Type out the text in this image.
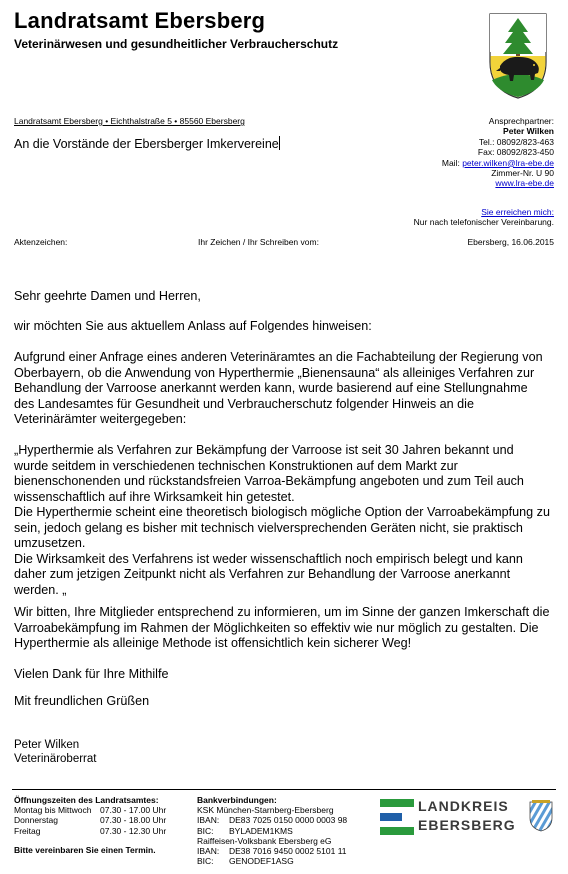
Landratsamt Ebersberg
Veterinärwesen und gesundheitlicher Verbraucherschutz
Landratsamt Ebersberg • Eichthalstraße 5 • 85560 Ebersberg
An die Vorstände der Ebersberger Imkervereine
Ansprechpartner:
Peter Wilken
Tel.: 08092/823-463
Fax: 08092/823-450
Mail: peter.wilken@lra-ebe.de
Zimmer-Nr. U 90
www.lra-ebe.de
Sie erreichen mich:
Nur nach telefonischer Vereinbarung.
Aktenzeichen:	Ihr Zeichen / Ihr Schreiben vom:	Ebersberg, 16.06.2015
Sehr geehrte Damen und Herren,
wir möchten Sie aus aktuellem Anlass auf Folgendes hinweisen:
Aufgrund einer Anfrage eines anderen Veterinäramtes an die Fachabteilung der Regierung von Oberbayern, ob die Anwendung von Hyperthermie „Bienensauna“ als alleiniges Verfahren zur Behandlung der Varroose anerkannt werden kann, wurde basierend auf eine Stellungnahme des Landesamtes für Gesundheit und Verbraucherschutz folgender Hinweis an die Veterinärämter weitergegeben:

„Hyperthermie als Verfahren zur Bekämpfung der Varroose ist seit 30 Jahren bekannt und wurde seitdem in verschiedenen technischen Konstruktionen auf dem Markt zur bienenschonenden und rückstandsfreien Varroa-Bekämpfung angeboten und zum Teil auch wissenschaftlich auf ihre Wirksamkeit hin getestet.

Die Hyperthermie scheint eine theoretisch biologisch mögliche Option der Varroabekämpfung zu sein, jedoch gelang es bisher mit technisch vielversprechenden Geräten nicht, sie praktisch umzusetzen.

Die Wirksamkeit des Verfahrens ist weder wissenschaftlich noch empirisch belegt und kann daher zum jetzigen Zeitpunkt nicht als Verfahren zur Behandlung der Varroose anerkannt werden. „

Wir bitten, Ihre Mitglieder entsprechend zu informieren, um im Sinne der ganzen Imkerschaft die Varroabekämpfung im Rahmen der Möglichkeiten so effektiv wie nur möglich zu gestalten. Die Hyperthermie als alleinige Methode ist offensichtlich kein sicherer Weg!
Vielen Dank für Ihre Mithilfe
Mit freundlichen Grüßen
Peter Wilken
Veterinäroberrat
Öffnungszeiten des Landratsamtes:
Montag bis Mittwoch	07.30 - 17.00 Uhr
Donnerstag	07.30 - 18.00 Uhr
Freitag	07.30 - 12.30 Uhr
Bitte vereinbaren Sie einen Termin.
Bankverbindungen:
KSK München-Starnberg-Ebersberg
IBAN:	DE83 7025 0150 0000 0003 98
BIC:	BYLADEM1KMS
Raiffeisen-Volksbank Ebersberg eG
IBAN:	DE38 7016 9450 0002 5101 11
BIC:	GENODEF1ASG
LANDKREIS
EBERSBERG
